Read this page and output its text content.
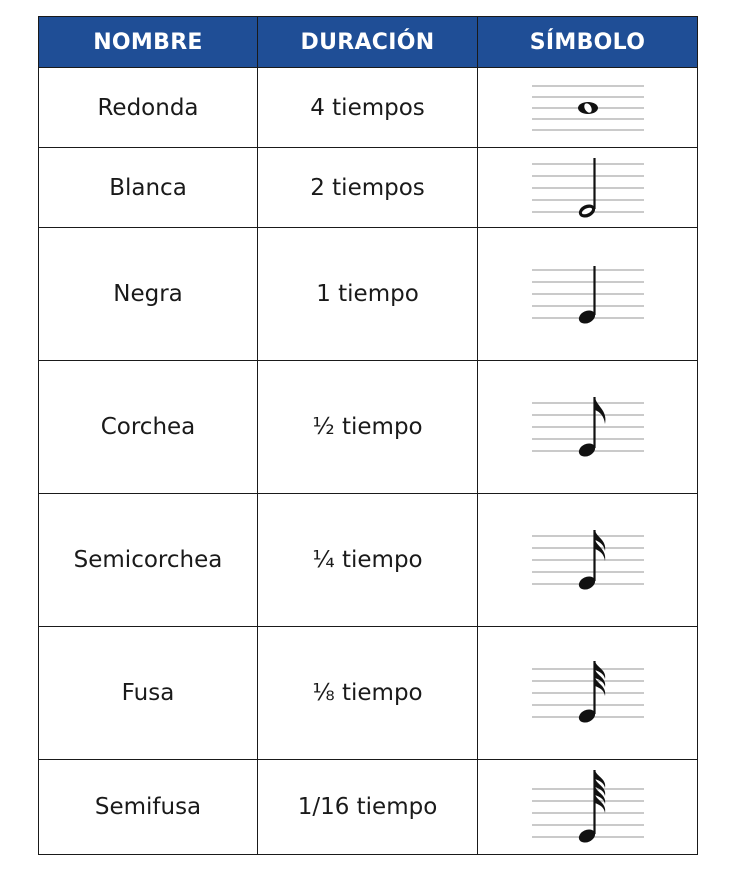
NOMBRE	DURACIÓN	SÍMBOLO
Redonda	4 tiempos	

Blanca	2 tiempos	

Negra	1 tiempo	

Corchea	½ tiempo	

Semicorchea	¼ tiempo	

Fusa	⅛ tiempo	

Semifusa	1/16 tiempo	
